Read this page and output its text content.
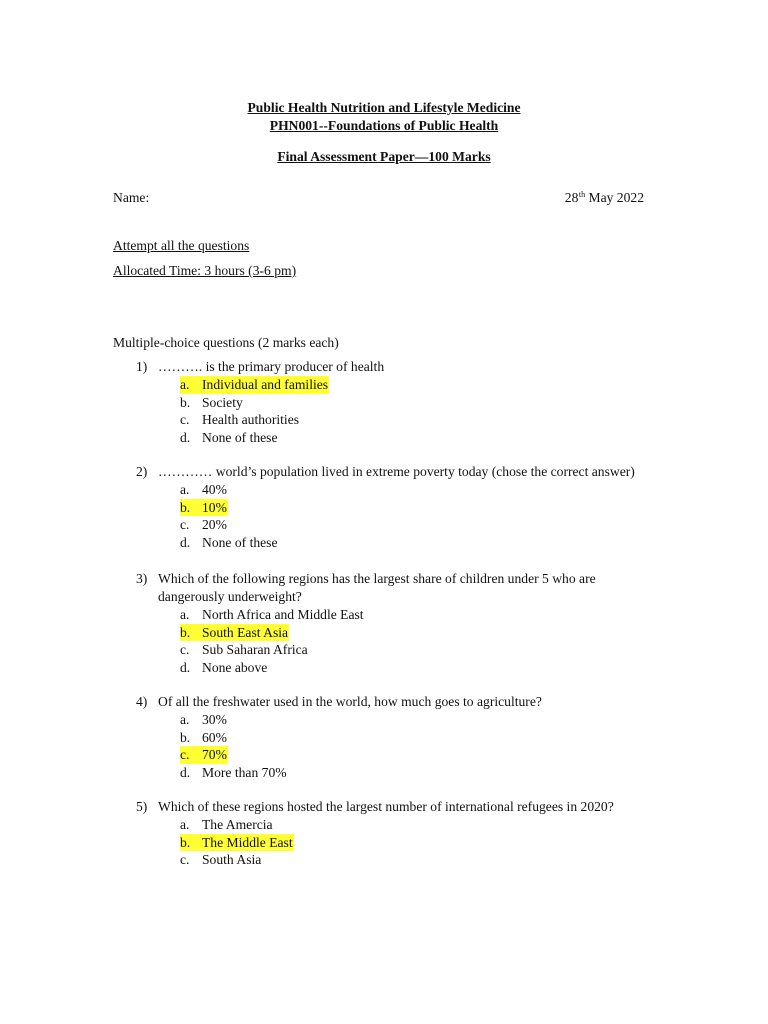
Public Health Nutrition and Lifestyle Medicine

PHN001--Foundations of Public Health

Final Assessment Paper—100 Marks

Name:	28th May 2022
Attempt all the questions
Allocated Time: 3 hours (3-6 pm)
Multiple-choice questions (2 marks each)
1) ………. is the primary producer of health
a. Individual and families
b. Society
c. Health authorities
d. None of these
2) ………… world’s population lived in extreme poverty today (chose the correct answer)
a. 40%
b. 10%
c. 20%
d. None of these
3) Which of the following regions has the largest share of children under 5 who are dangerously underweight?
a. North Africa and Middle East
b. South East Asia
c. Sub Saharan Africa
d. None above
4) Of all the freshwater used in the world, how much goes to agriculture?
a. 30%
b. 60%
c. 70%
d. More than 70%
5) Which of these regions hosted the largest number of international refugees in 2020?
a. The Amercia
b. The Middle East
c. South Asia
